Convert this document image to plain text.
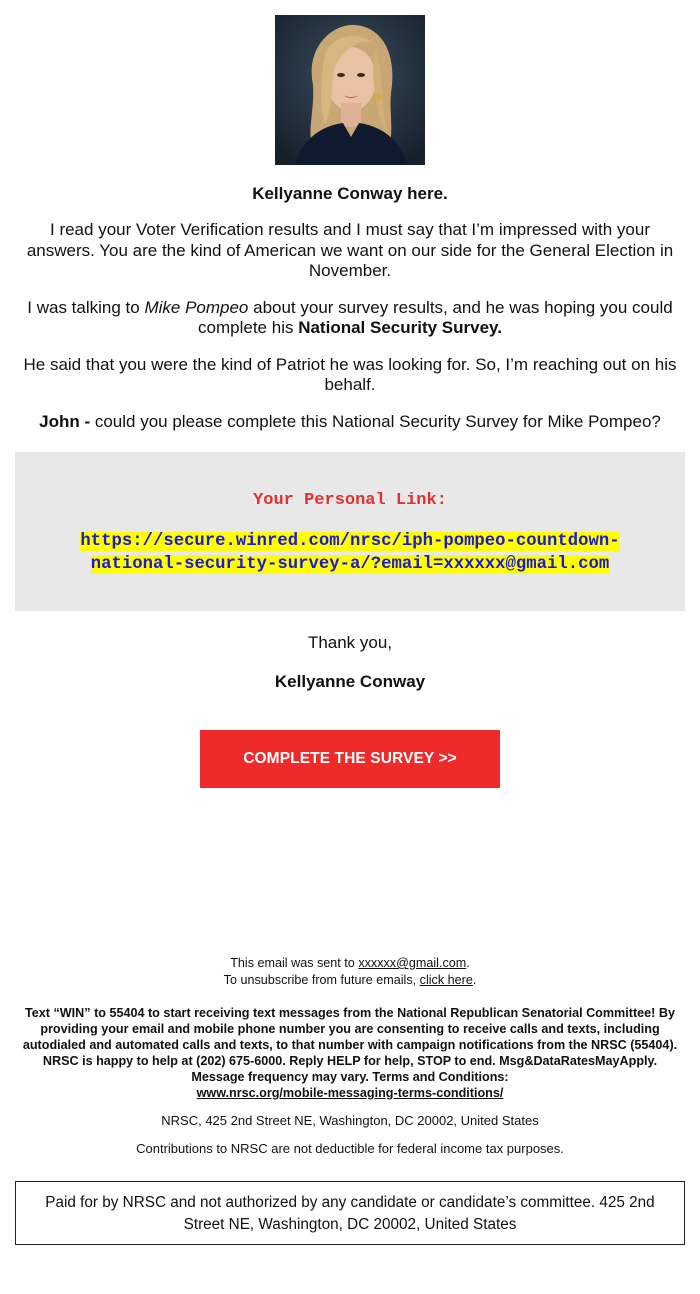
Kellyanne Conway here.

I read your Voter Verification results and I must say that I’m impressed with your answers. You are the kind of American we want on our side for the General Election in November.

I was talking to Mike Pompeo about your survey results, and he was hoping you could complete his National Security Survey.

He said that you were the kind of Patriot he was looking for. So, I’m reaching out on his behalf.

John - could you please complete this National Security Survey for Mike Pompeo?

Your Personal Link:
https://secure.winred.com/nrsc/iph-pompeo-countdown-
national-security-survey-a/?email=xxxxxx@gmail.com
Thank you,
Kellyanne Conway
COMPLETE THE SURVEY >>
This email was sent to xxxxxx@gmail.com.
To unsubscribe from future emails, click here.
Text “WIN” to 55404 to start receiving text messages from the National Republican Senatorial Committee! By providing your email and mobile phone number you are consenting to receive calls and texts, including autodialed and automated calls and texts, to that number with campaign notifications from the NRSC (55404). NRSC is happy to help at (202) 675-6000. Reply HELP for help, STOP to end. Msg&DataRatesMayApply. Message frequency may vary. Terms and Conditions:
www.nrsc.org/mobile-messaging-terms-conditions/
NRSC, 425 2nd Street NE, Washington, DC 20002, United States
Contributions to NRSC are not deductible for federal income tax purposes.
Paid for by NRSC and not authorized by any candidate or candidate’s committee. 425 2nd Street NE, Washington, DC 20002, United States
